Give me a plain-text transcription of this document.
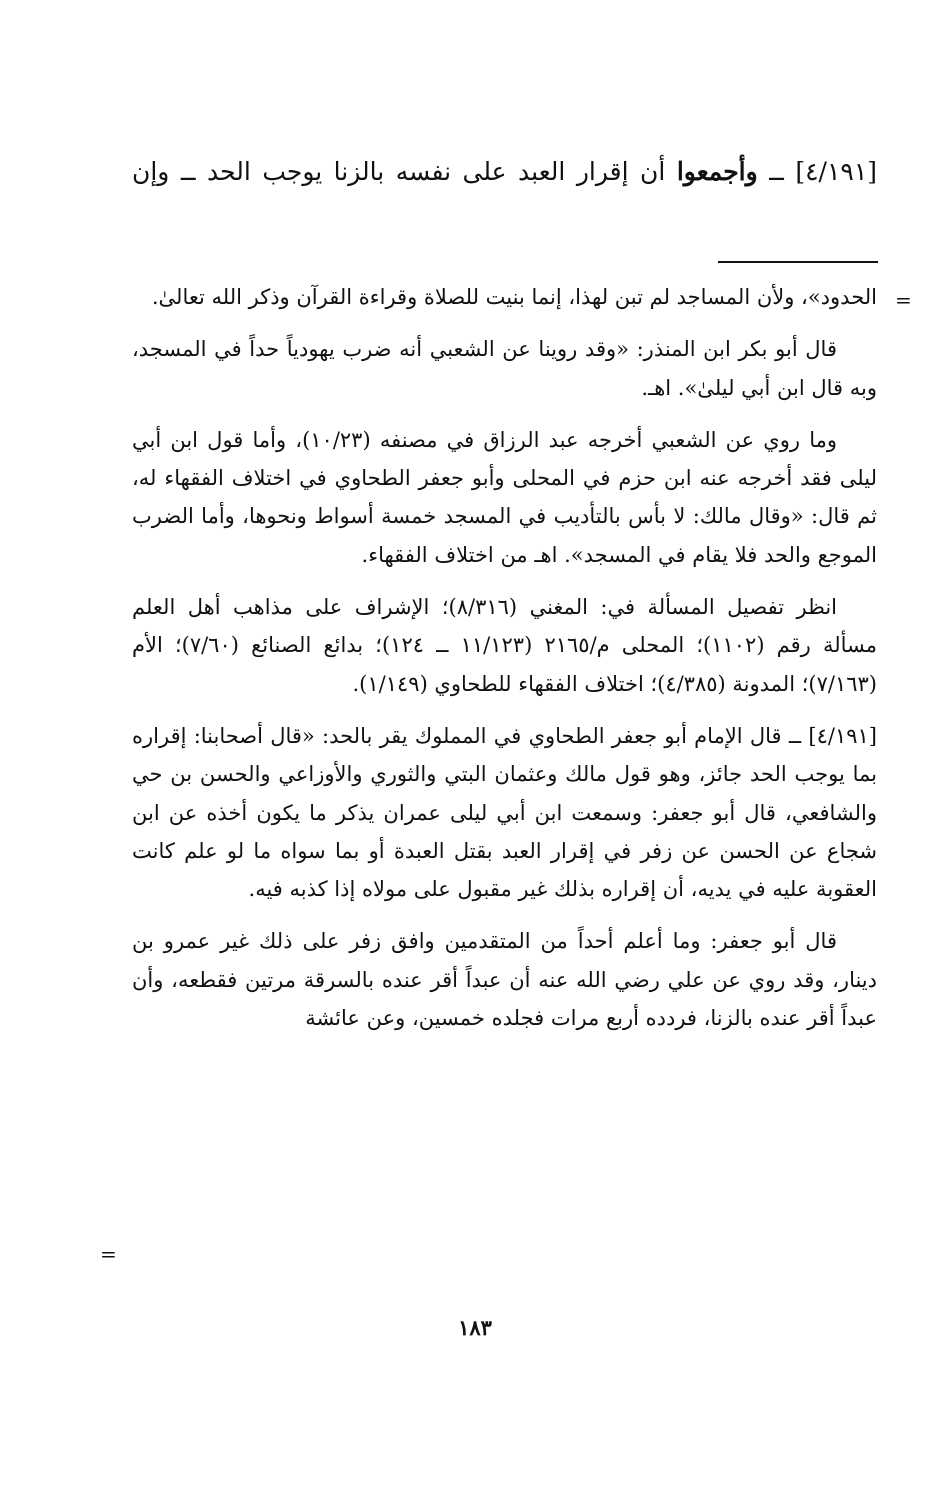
[٤/١٩١] ــ وأجمعوا أن إقرار العبد على نفسه بالزنا يوجب الحد ــ وإن
=

الحدود»، ولأن المساجد لم تبن لهذا، إنما بنيت للصلاة وقراءة القرآن وذكر الله تعالىٰ.

قال أبو بكر ابن المنذر: «وقد روينا عن الشعبي أنه ضرب يهودياً حداً في المسجد، وبه قال ابن أبي ليلىٰ». اهـ.

وما روي عن الشعبي أخرجه عبد الرزاق في مصنفه (١٠/٢٣)، وأما قول ابن أبي ليلى فقد أخرجه عنه ابن حزم في المحلى وأبو جعفر الطحاوي في اختلاف الفقهاء له، ثم قال: «وقال مالك: لا بأس بالتأديب في المسجد خمسة أسواط ونحوها، وأما الضرب الموجع والحد فلا يقام في المسجد». اهـ من اختلاف الفقهاء.

انظر تفصيل المسألة في: المغني (٨/٣١٦)؛ الإشراف على مذاهب أهل العلم مسألة رقم (١١٠٢)؛ المحلى م/٢١٦٥ (١١/١٢٣ ــ ١٢٤)؛ بدائع الصنائع (٧/٦٠)؛ الأم (٧/١٦٣)؛ المدونة (٤/٣٨٥)؛ اختلاف الفقهاء للطحاوي (١/١٤٩).

[٤/١٩١] ــ قال الإمام أبو جعفر الطحاوي في المملوك يقر بالحد: «قال أصحابنا: إقراره بما يوجب الحد جائز، وهو قول مالك وعثمان البتي والثوري والأوزاعي والحسن بن حي والشافعي، قال أبو جعفر: وسمعت ابن أبي ليلى عمران يذكر ما يكون أخذه عن ابن شجاع عن الحسن عن زفر في إقرار العبد بقتل العبدة أو بما سواه ما لو علم كانت العقوبة عليه في يديه، أن إقراره بذلك غير مقبول على مولاه إذا كذبه فيه.

قال أبو جعفر: وما أعلم أحداً من المتقدمين وافق زفر على ذلك غير عمرو بن دينار، وقد روي عن علي رضي الله عنه أن عبداً أقر عنده بالسرقة مرتين فقطعه، وأن عبداً أقر عنده بالزنا، فردده أربع مرات فجلده خمسين، وعن عائشة

=
١٨٣
